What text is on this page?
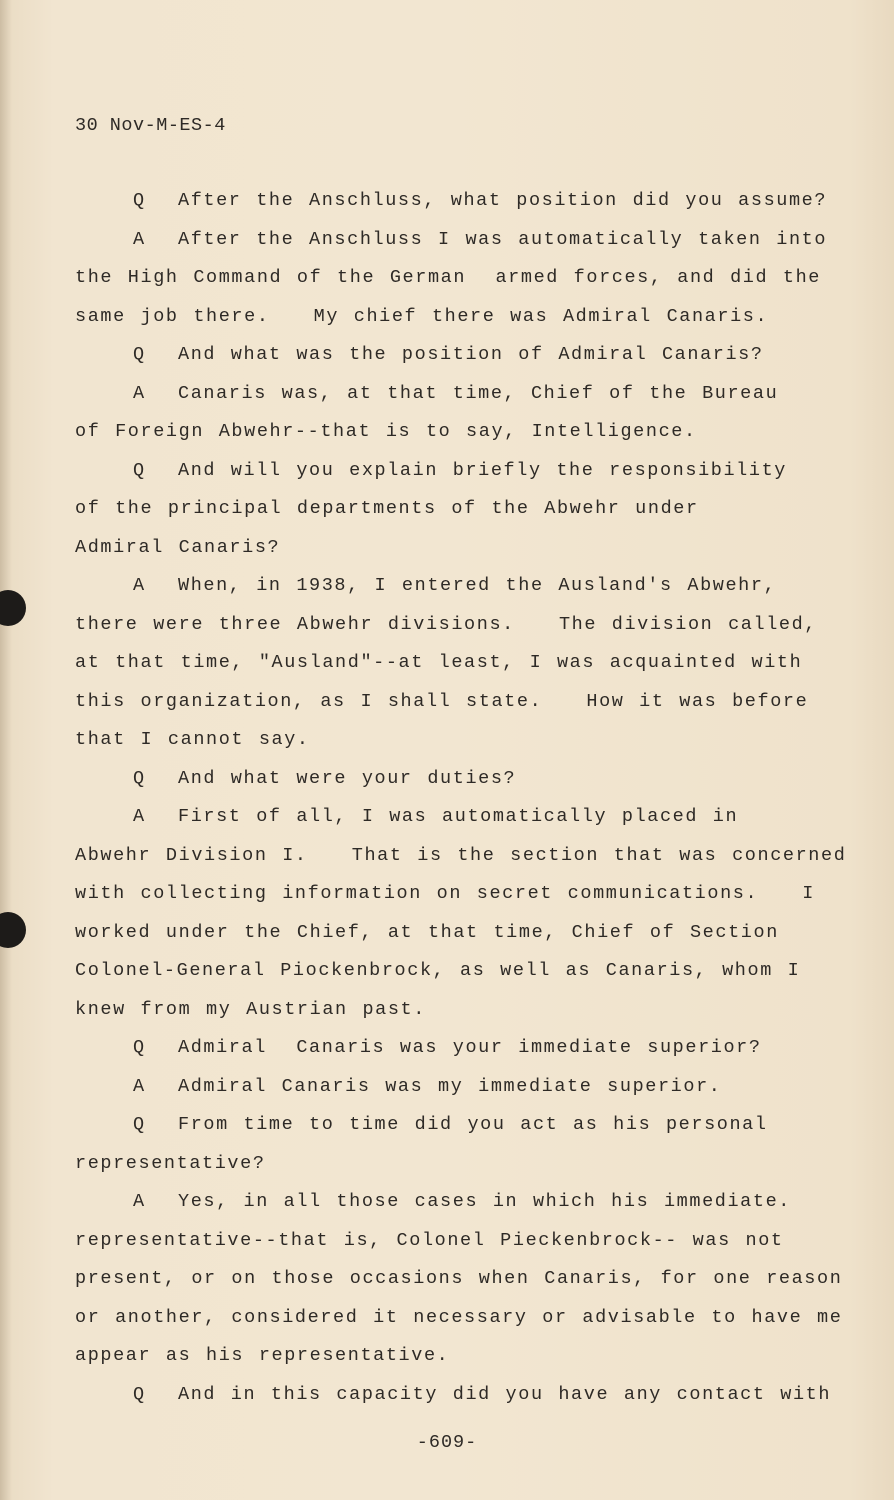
30 Nov-M-ES-4
Q After the Anschluss, what position did you assume?
A After the Anschluss I was automatically taken into
the High Command of the German  armed forces, and did the
same job there.   My chief there was Admiral Canaris.
Q And what was the position of Admiral Canaris?
A Canaris was, at that time, Chief of the Bureau
of Foreign Abwehr--that is to say, Intelligence.
Q And will you explain briefly the responsibility
of the principal departments of the Abwehr under
Admiral Canaris?
A When, in 1938, I entered the Ausland's Abwehr,
there were three Abwehr divisions.   The division called,
at that time, "Ausland"--at least, I was acquainted with
this organization, as I shall state.   How it was before
that I cannot say.
Q And what were your duties?
A First of all, I was automatically placed in
Abwehr Division I.   That is the section that was concerned
with collecting information on secret communications.   I
worked under the Chief, at that time, Chief of Section
Colonel-General Piockenbrock, as well as Canaris, whom I
knew from my Austrian past.
Q Admiral  Canaris was your immediate superior?
A Admiral Canaris was my immediate superior.
Q From time to time did you act as his personal
representative?
A Yes, in all those cases in which his immediate.
representative--that is, Colonel Pieckenbrock-- was not
present, or on those occasions when Canaris, for one reason
or another, considered it necessary or advisable to have me
appear as his representative.
Q And in this capacity did you have any contact with
-609-
